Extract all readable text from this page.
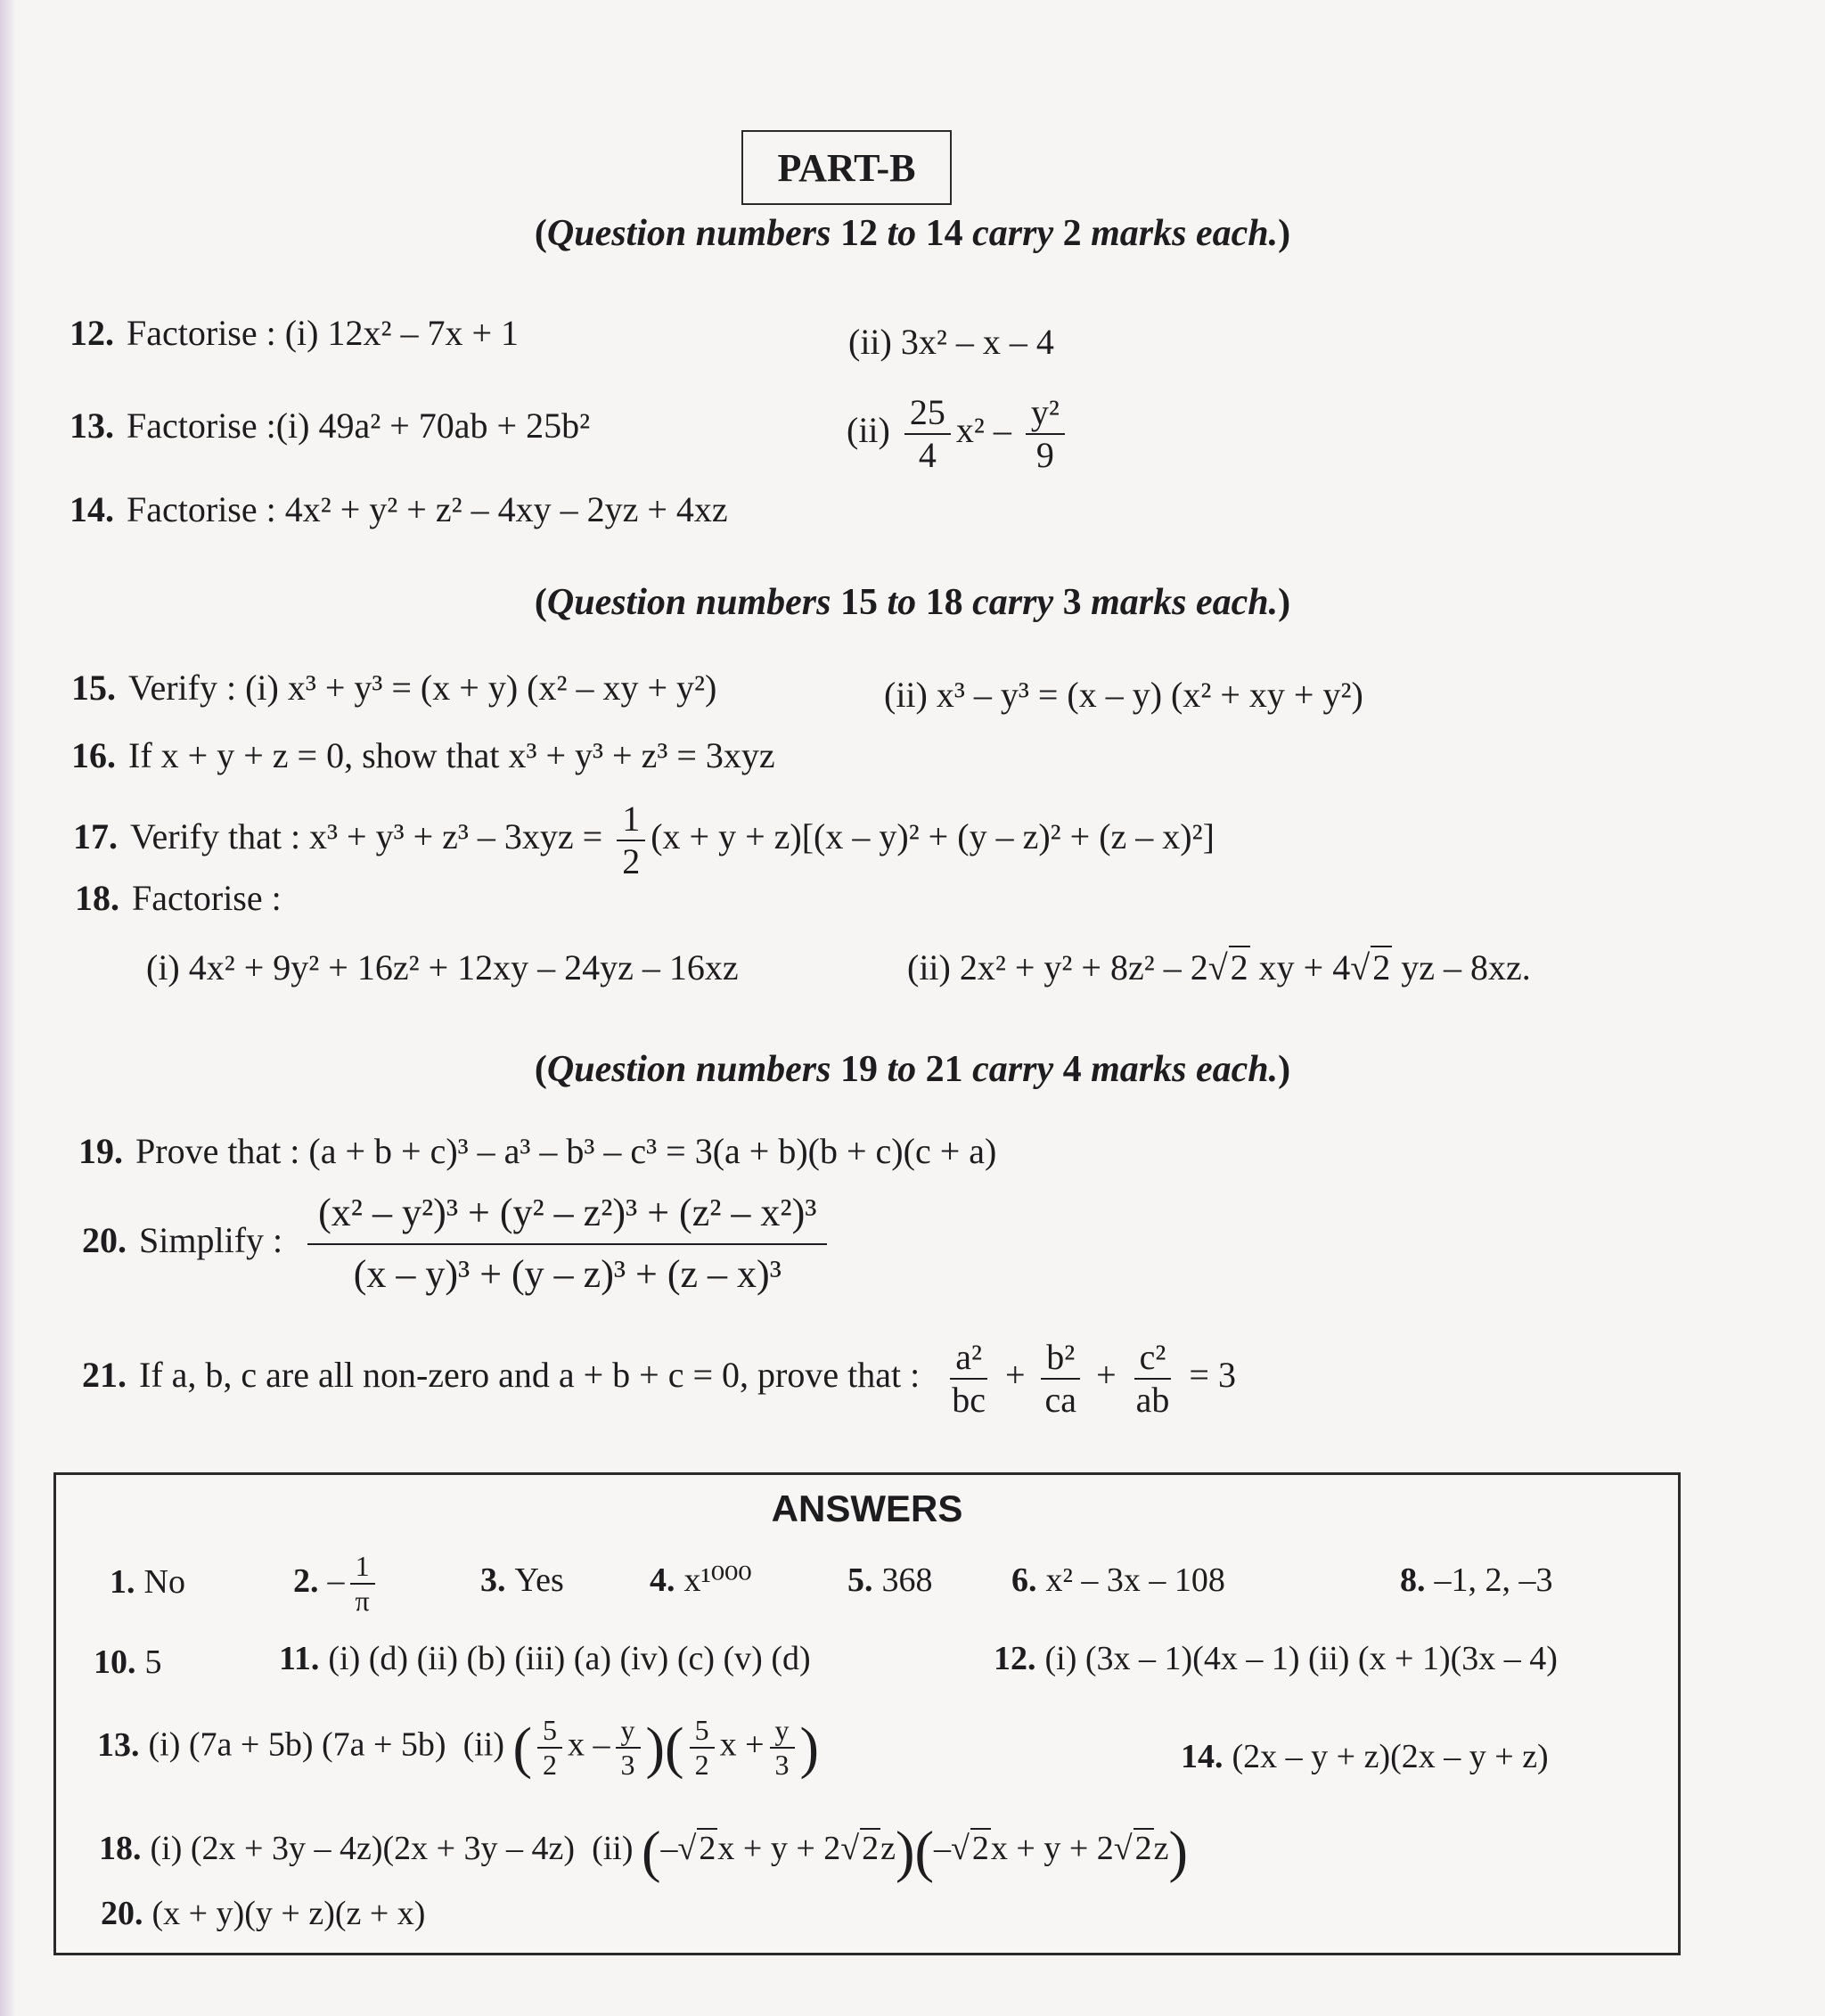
PART-B
(Question numbers 12 to 14 carry 2 marks each.)
12. Factorise : (i) 12x² – 7x + 1	(ii) 3x² – x – 4
13. Factorise :(i) 49a² + 70ab + 25b²	$(ii) \frac{25}{4} x^2 - \frac{\text{y²}}{9}$
14. Factorise : 4x² + y² + z² – 4xy – 2yz + 4xz
(Question numbers 15 to 18 carry 3 marks each.)
15. Verify : (i) x³ + y³ = (x + y) (x² – xy + y²)	(ii) x³ – y³ = (x – y) (x² + xy + y²)
16. If x + y + z = 0, show that x³ + y³ + z³ = 3xyz
17. Verify that : $x^3 + y^3 + z^3 - 3xyz = \frac{1}{2} (x + y + z)[(x - y)^2 + (y - z)^2 + (z - x)^2]$
18. Factorise :
(i) 4x² + 9y² + 16z² + 12xy – 24yz – 16xz	(ii) 2x² + y² + 8z² – 2√2 xy + 4√2 yz – 8xz.
(Question numbers 19 to 21 carry 4 marks each.)
19. Prove that : (a + b + c)³ – a³ – b³ – c³ = 3(a + b)(b + c)(c + a)
20. Simplify : $\frac{\text{(x² – y²)³ + (y² – z²)³ + (z² – x²)³}}{\text{(x – y)³ + (y – z)³ + (z – x)³}}$
21. If a, b, c are all non-zero and a + b + c = 0, prove that : $\frac{\text{a²}}{bc} + \frac{\text{b²}}{ca} + \frac{\text{c²}}{ab} = 3$
ANSWERS
1. No	2. – $\frac{1}{\pi}$	3. Yes	4. x¹⁰⁰⁰	5. 368 6. x² – 3x – 108	8. –1, 2, –3
10. 5	11. (i) (d) (ii) (b) (iii) (a) (iv) (c) (v) (d)	12. (i) (3x – 1)(4x – 1) (ii) (x + 1)(3x – 4)
13. (i) (7a + 5b) (7a + 5b) (ii) ( $\frac{5}{2}$ x – $\frac{y}{3}$ )( $\frac{5}{2}$ $x + \frac{y}{3}$ )	14. (2x – y + z)(2x – y + z)
18. (i) (2x + 3y – 4z)(2x + 3y – 4z) (ii) (–√2x + y + 2√2z)(–√2x + y + 2√2z)
20. (x + y)(y + z)(z + x)
